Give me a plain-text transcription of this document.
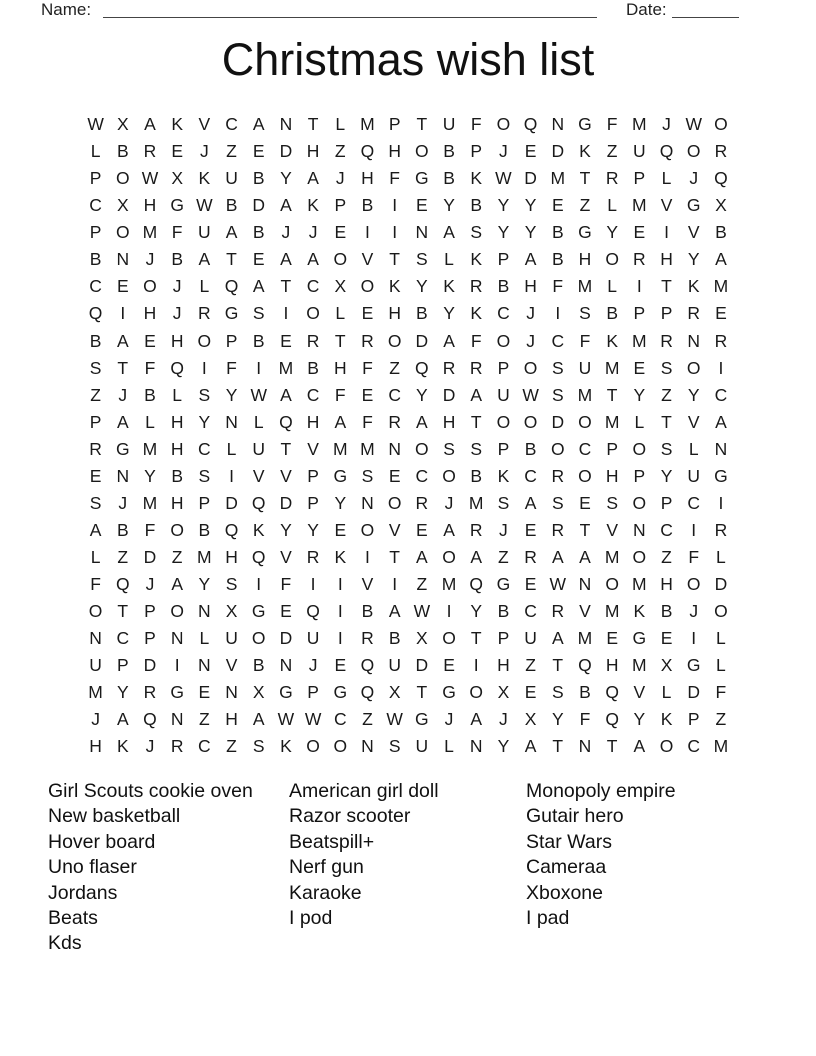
Name:	Date:
Christmas wish list
W X A K V C A N T L M P T U F O Q N G F M J W O
L B R E J Z E D H Z Q H O B P J E D K Z U Q O R
P O W X K U B Y A J H F G B K W D M T R P L	J Q
C X H G W B D A K P B	I	E Y B Y Y E Z L M V G X
P O M F U A B J	J E	I	I	N A S Y Y B G Y E	I	V B
B N J B A T E A A O V T S L K P A B H O R H Y A
C E O J	L Q A T C X O K Y K R B H F M L	I	T K M
Q	I	H J R G S	I	O L E H B Y K C J	I	S B P P R E
B A E H O P B E R T R O D A F O J C F K M R N R
S T F Q	I	F	I M B H F Z Q R R P O S U M E S O	I
Z J B L S Y W A C F E C Y D A U W S M T Y Z Y C
P A L H Y N L Q H A F R A H T O O D O M L T V A
R G M H C L U T V M M N O S S P B O C P O S L N
E N Y B S	I	V V P G S E C O B K C R O H P Y U G
S J M H P D Q D P Y N O R J M S A S E S O P C	I
A B F O B Q K Y Y E O V E A R J E R T V N C	I	R
L Z D Z M H Q V R K	I	T A O A Z R A A M O Z F L
F Q J A Y S	I	F	I	I	V	I	Z M Q G E W N O M H O D
O T P O N X G E Q	I	B A W I	Y B C R V M K B J O
N C P N L U O D U	I	R B X O T P U A M E G E	I	L
U P D	I	N V B N J E Q U D E	I	H Z T Q H M X G L
M Y R G E N X G P G Q X T G O X E S B Q V L D F
J A Q N Z H A W W C Z W G J A J X Y F Q Y K P Z
H K J R C Z S K O O N S U L N Y A T N T A O C M
Girl Scouts cookie oven
New basketball
Hover board
Uno flaser
Jordans
Beats
Kds
American girl doll
Razor scooter
Beatspill+
Nerf gun
Karaoke
I pod
Monopoly empire
Gutair hero
Star Wars
Cameraa
Xboxone
I pad
